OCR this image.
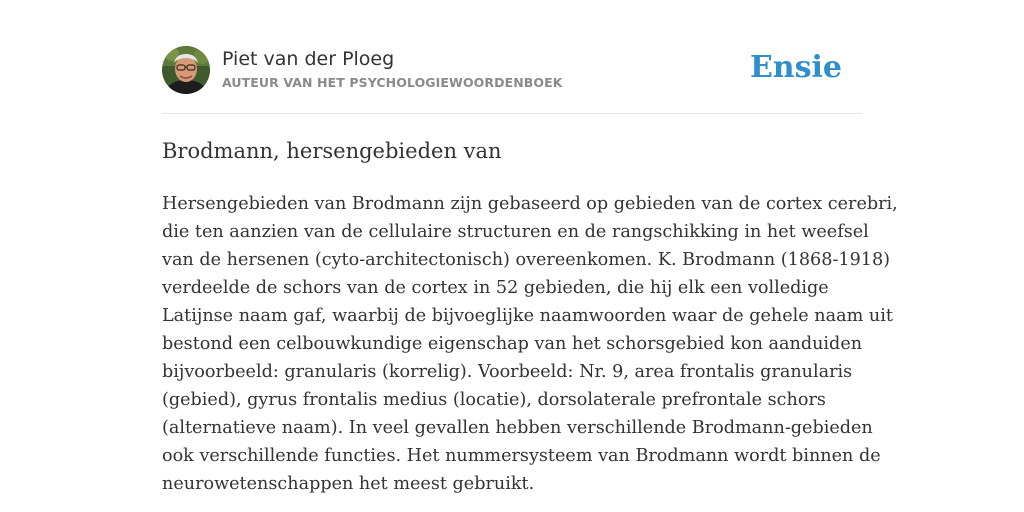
Piet van der Ploeg
AUTEUR VAN HET PSYCHOLOGIEWOORDENBOEK	Ensie
Brodmann, hersengebieden van
Hersengebieden van Brodmann zijn gebaseerd op gebieden van de cortex cerebri,
die ten aanzien van de cellulaire structuren en de rangschikking in het weefsel
van de hersenen (cyto-architectonisch) overeenkomen. K. Brodmann (1868-1918)
verdeelde de schors van de cortex in 52 gebieden, die hij elk een volledige
Latijnse naam gaf, waarbij de bijvoeglijke naamwoorden waar de gehele naam uit
bestond een celbouwkundige eigenschap van het schorsgebied kon aanduiden
bijvoorbeeld: granularis (korrelig). Voorbeeld: Nr. 9, area frontalis granularis
(gebied), gyrus frontalis medius (locatie), dorsolaterale prefrontale schors
(alternatieve naam). In veel gevallen hebben verschillende Brodmann-gebieden
ook verschillende functies. Het nummersysteem van Brodmann wordt binnen de
neurowetenschappen het meest gebruikt.
